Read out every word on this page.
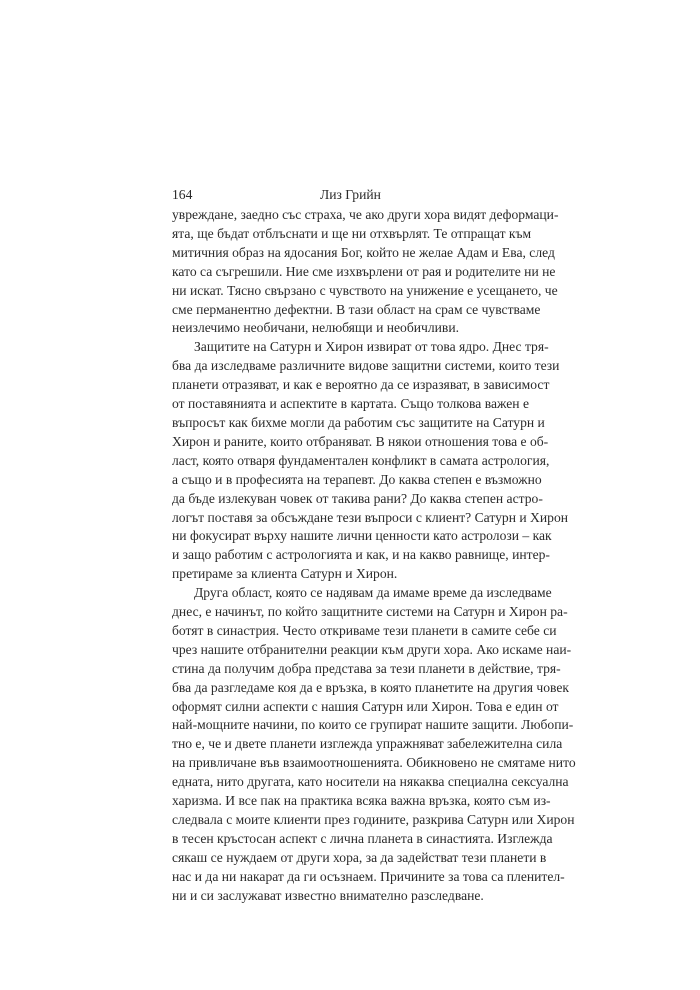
164	Лиз Грийн
увреждане, заедно със страха, че ако други хора видят деформаци-
ята, ще бъдат отблъснати и ще ни отхвърлят. Те отпращат към
митичния образ на ядосания Бог, който не желае Адам и Ева, след
като са съгрешили. Ние сме изхвърлени от рая и родителите ни не
ни искат. Тясно свързано с чувството на унижение е усещането, че
сме перманентно дефектни. В тази област на срам се чувстваме
неизлечимо необичани, нелюбящи и необичливи.
Защитите на Сатурн и Хирон извират от това ядро. Днес тря-
бва да изследваме различните видове защитни системи, които тези
планети отразяват, и как е вероятно да се изразяват, в зависимост
от поставянията и аспектите в картата. Също толкова важен е
въпросът как бихме могли да работим със защитите на Сатурн и
Хирон и раните, които отбраняват. В някои отношения това е об-
ласт, която отваря фундаментален конфликт в самата астрология,
а също и в професията на терапевт. До каква степен е възможно
да бъде излекуван човек от такива рани? До каква степен астро-
логът поставя за обсъждане тези въпроси с клиент? Сатурн и Хирон
ни фокусират върху нашите лични ценности като астролози – как
и защо работим с астрологията и как, и на какво равнище, интер-
претираме за клиента Сатурн и Хирон.
Друга област, която се надявам да имаме време да изследваме
днес, е начинът, по който защитните системи на Сатурн и Хирон ра-
ботят в синастрия. Често откриваме тези планети в самите себе си
чрез нашите отбранителни реакции към други хора. Ако искаме наи-
стина да получим добра представа за тези планети в действие, тря-
бва да разгледаме коя да е връзка, в която планетите на другия човек
оформят силни аспекти с нашия Сатурн или Хирон. Това е един от
най-мощните начини, по които се групират нашите защити. Любопи-
тно е, че и двете планети изглежда упражняват забележителна сила
на привличане във взаимоотношенията. Обикновено не смятаме нито
едната, нито другата, като носители на някаква специална сексуална
харизма. И все пак на практика всяка важна връзка, която съм из-
следвала с моите клиенти през годините, разкрива Сатурн или Хирон
в тесен кръстосан аспект с лична планета в синастията. Изглежда
сякаш се нуждаем от други хора, за да задействат тези планети в
нас и да ни накарат да ги осъзнаем. Причините за това са пленител-
ни и си заслужават известно внимателно разследване.
